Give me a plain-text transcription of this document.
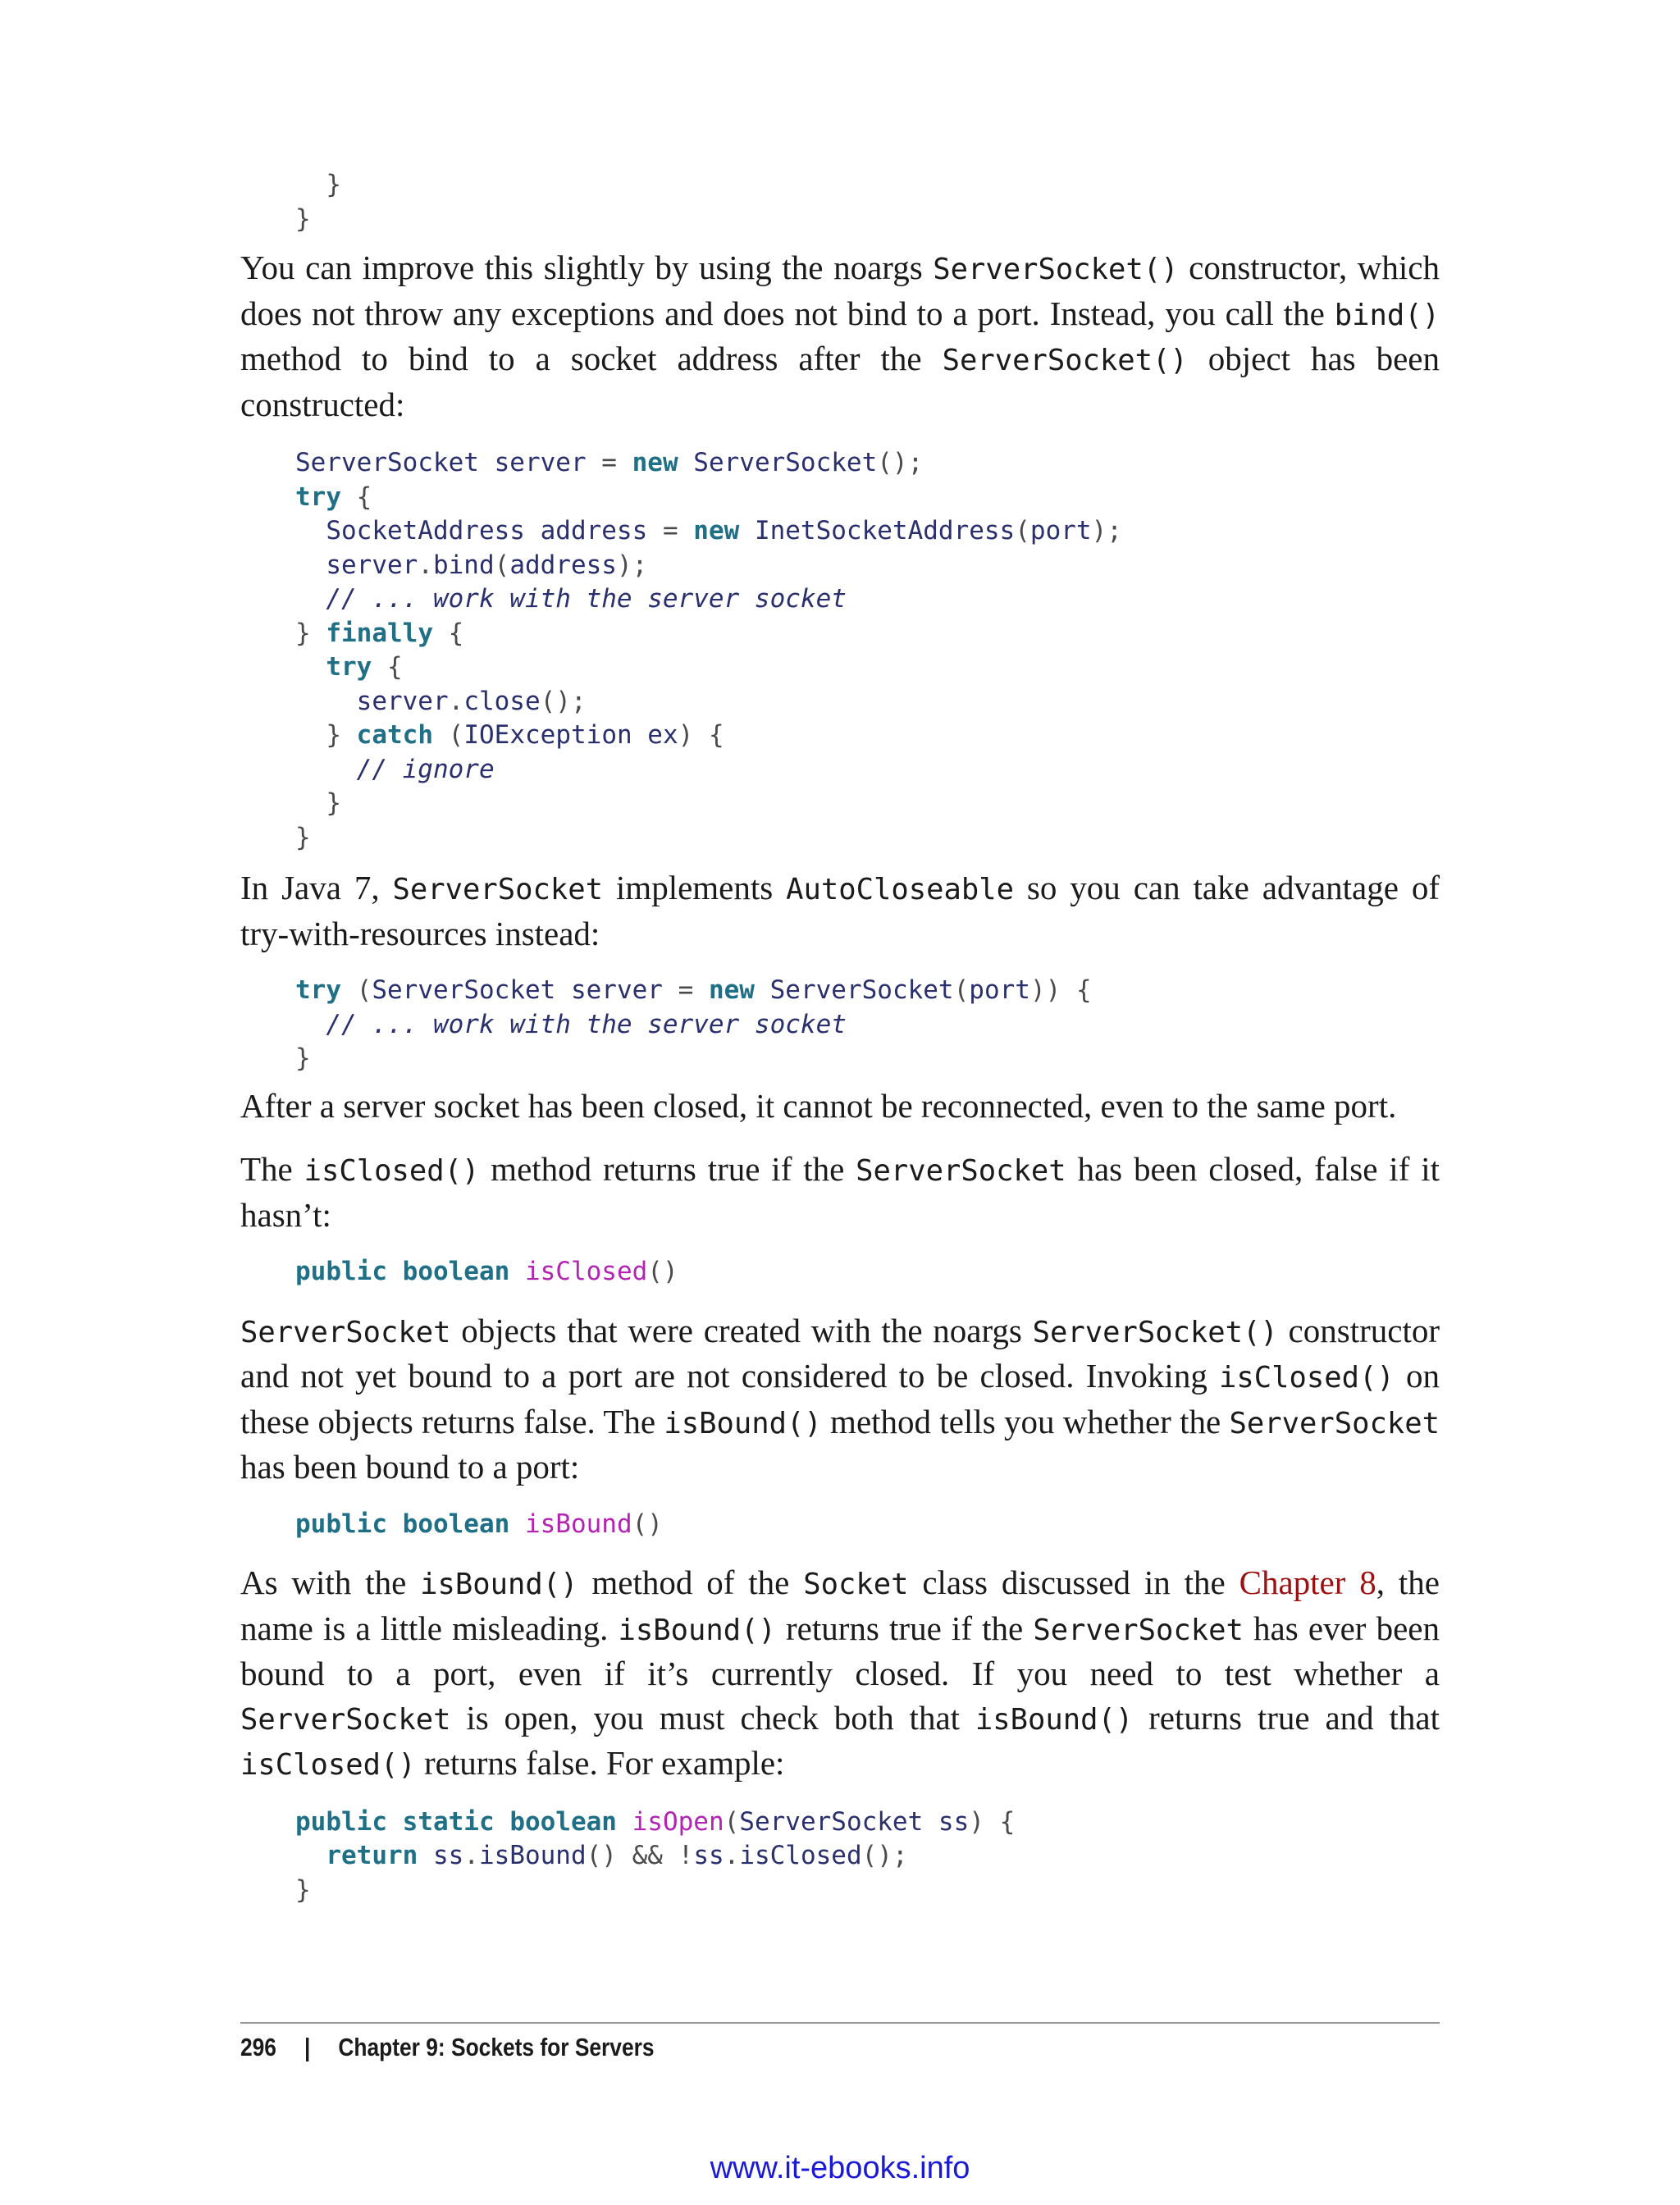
}
}

You can improve this slightly by using the noargs ServerSocket() constructor, which does not throw any exceptions and does not bind to a port. Instead, you call the bind() method to bind to a socket address after the ServerSocket() object has been constructed:

ServerSocket server = new ServerSocket();
try {
SocketAddress address = new InetSocketAddress(port);
server.bind(address);
// ... work with the server socket
} finally {
try {
server.close();
} catch (IOException ex) {
// ignore
}
}

In Java 7, ServerSocket implements AutoCloseable so you can take advantage of try-with-resources instead:

try (ServerSocket server = new ServerSocket(port)) {
// ... work with the server socket
}

After a server socket has been closed, it cannot be reconnected, even to the same port.

The isClosed() method returns true if the ServerSocket has been closed, false if it hasn’t:

public boolean isClosed()

ServerSocket objects that were created with the noargs ServerSocket() constructor and not yet bound to a port are not considered to be closed. Invoking isClosed() on these objects returns false. The isBound() method tells you whether the ServerSocket has been bound to a port:

public boolean isBound()

As with the isBound() method of the Socket class discussed in the Chapter 8, the name is a little misleading. isBound() returns true if the ServerSocket has ever been bound to a port, even if it’s currently closed. If you need to test whether a ServerSocket is open, you must check both that isBound() returns true and that isClosed() returns false. For example:

public static boolean isOpen(ServerSocket ss) {
return ss.isBound() && !ss.isClosed();
}
296 | Chapter 9: Sockets for Servers
www.it-ebooks.info
